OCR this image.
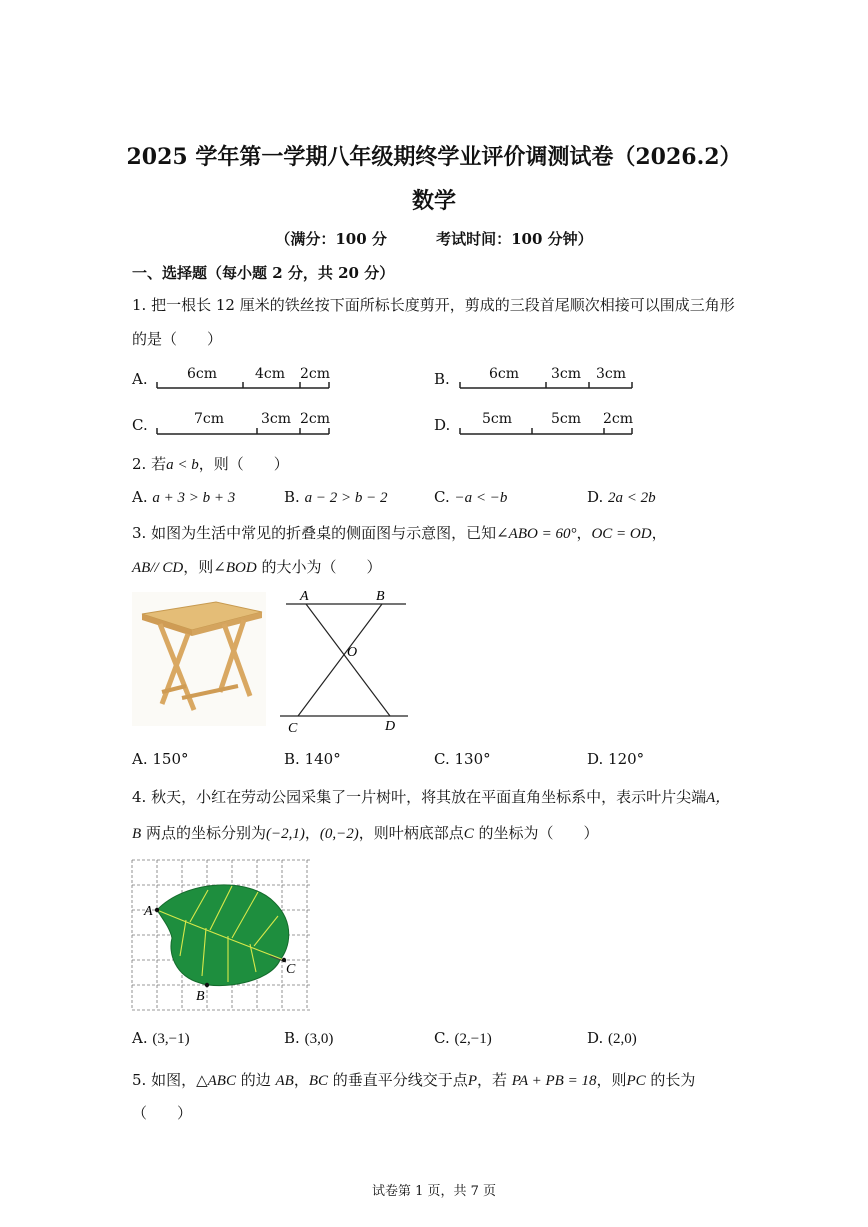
2025 学年第一学期八年级期终学业评价调测试卷（2026.2）
数学
（满分：100 分	考试时间：100 分钟）
一、选择题（每小题 2 分，共 20 分）
1. 把一根长 12 厘米的铁丝按下面所标长度剪开，剪成的三段首尾顺次相接可以围成三角形
的是（　　）
A.	6cm	4cm 2cm	B.	6cm 3cm 3cm
C.	7cm	3cm 2cm	D. 5cm	5cm 2cm
2. 若a < b，则（　　）
A. a + 3 > b + 3	B. a − 2 > b − 2	C. −a < −b	D. 2a < 2b
3. 如图为生活中常见的折叠桌的侧面图与示意图，已知∠ABO = 60°，OC = OD，
AB// CD，则∠BOD 的大小为（　　）
A	B
O
C	D
A. 150°	B. 140°	C. 130°	D. 120°
4. 秋天，小红在劳动公园采集了一片树叶，将其放在平面直角坐标系中，表示叶片尖端A，
B 两点的坐标分别为(−2,1)，(0,−2)，则叶柄底部点C 的坐标为（　　）
A
B
C
A. (3,−1)	B. (3,0)	C. (2,−1)	D. (2,0)
5. 如图，△ABC 的边 AB，BC 的垂直平分线交于点P，若 PA + PB = 18，则PC 的长为
（　　）
试卷第 1 页，共 7 页
